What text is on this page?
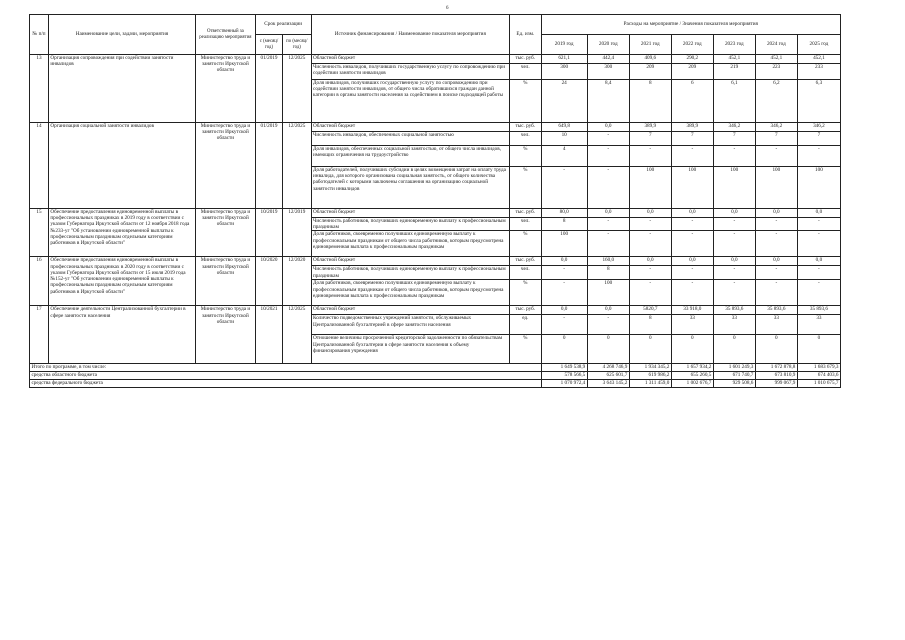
6
№ п/п	Наименование цели, задачи, мероприятия	Ответственный за реализацию мероприятия	Срок реализации		Источник финансирования / Наименование показателя мероприятия	Ед. изм.	Расходы на мероприятие / Значения показателя мероприятия						
			с (месяц/ год)	по (месяц/ год)			2019 год	2020 год	2021 год	2022 год	2023 год	2024 год	2025 год
13	Организация сопровождения при содействии занятости инвалидов	Министерство труда и занятости Иркутской области	01/2019	12/2025	Областной бюджет	тыс. руб.	621,1	442,4	409,6	290,2	452,1	452,1	452,1
					Численность инвалидов, получивших государственную услугу по сопровождению при содействии занятости инвалидов	чел.	300	300	209	209	219	223	233
					Доля инвалидов, получивших государственную услугу по сопровождению при содействии занятости инвалидов, от общего числа обратившихся граждан данной категории в органы занятости населения за содействием в поиске подходящей работы	%	24	8,4	8	6	6,1	6,2	6,3
14	Организация социальной занятости инвалидов	Министерство труда и занятости Иркутской области	01/2019	12/2025	Областной бюджет	тыс. руб.	649,8	0,0	389,9	389,9	346,2	346,2	346,2
					Численность инвалидов, обеспеченных социальной занятостью	чел.	10	-	7	7	7	7	7
					Доля инвалидов, обеспеченных социальной занятостью, от общего числа инвалидов, имеющих ограничения на трудоустройство	%	4	-	-	-	-	-	-
					Доля работодателей, получивших субсидии в целях возмещения затрат на оплату труда инвалида, для которого организована социальная занятость, от общего количества работодателей с которыми заключены соглашения на организацию социальной занятости инвалидов	%	-	-	100	100	100	100	100
15	Обеспечение предоставления единовременной выплаты в профессиональных праздниках в 2019 году в соответствии с указом Губернатора Иркутской области от 12 ноября 2018 года №233-уг "Об установлении единовременной выплаты к профессиональным праздникам отдельным категориям работников в Иркутской области"	Министерство труда и занятости Иркутской области	10/2019	12/2019	Областной бюджет	тыс. руб.	80,0	0,0	0,0	0,0	0,0	0,0	0,0
					Численность работников, получивших единовременную выплату к профессиональным праздникам	чел.	8	-	-	-	-	-	-
					Доля работников, своевременно получивших единовременную выплату к профессиональным праздникам от общего числа работников, которым предусмотрена единовременная выплата к профессиональным праздникам	%	100	-	-	-	-	-	-
16	Обеспечение предоставления единовременной выплаты в профессиональных праздниках в 2020 году в соответствии с указом Губернатора Иркутской области от 15 июля 2019 года №152-уг "Об установлении единовременной выплаты к профессиональным праздникам отдельным категориям работников в Иркутской области"	Министерство труда и занятости Иркутской области	10/2020	12/2020	Областной бюджет	тыс. руб.	0,0	160,0	0,0	0,0	0,0	0,0	0,0
					Численность работников, получивших единовременную выплату к профессиональным праздникам	чел.	-	8	-	-	-	-	-
					Доля работников, своевременно получивших единовременную выплату к профессиональным праздникам от общего числа работников, которым предусмотрена единовременная выплата к профессиональным праздникам	%	-	100	-	-	-	-	-
17	Обеспечение деятельности Централизованной бухгалтерии в сфере занятости населения	Министерство труда и занятости Иркутской области	10/2021	12/2025	Областной бюджет	тыс. руб.	0,0	0,0	5820,7	33 918,0	35 893,6	35 893,6	35 893,6
					Количество подведомственных учреждений занятости, обслуживаемых Централизованной бухгалтерией в сфере занятости населения	ед.	-	-	8	33	33	33	33
					Отношение величины просроченной кредиторской задолженности по обязательствам Централизованной бухгалтерии в сфере занятости населения к объему финансирования учреждения	%	0	0	0	0	0	0	0
Итого по программе, в том числе:							1 649 538,9	4 268 746,9	1 934 345,2	1 657 934,2	1 601 249,3	1 672 878,8	1 683 679,3
средства областного бюджета							578 566,5	625 601,7	619 986,2	655 260,5	671 740,7	673 810,9	674 403,6
средства федерального бюджета							1 070 972,4	3 643 145,2	1 311 459,0	1 002 676,7	929 508,6	999 067,9	1 010 675,7
